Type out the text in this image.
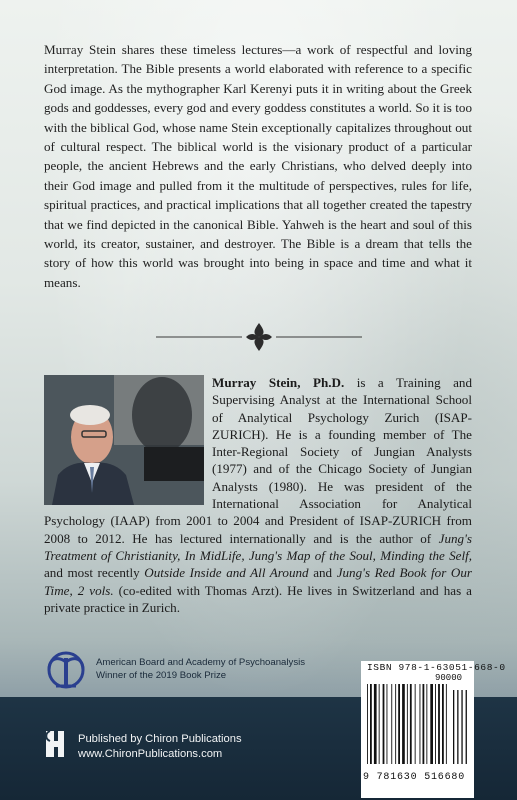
Murray Stein shares these timeless lectures—a work of respectful and loving interpretation. The Bible presents a world elaborated with reference to a specific God image. As the mythographer Karl Kerenyi puts it in writing about the Greek gods and goddesses, every god and every goddess constitutes a world. So it is too with the biblical God, whose name Stein exceptionally capitalizes throughout out of cultural respect. The biblical world is the visionary product of a particular people, the ancient Hebrews and the early Christians, who delved deeply into their God image and pulled from it the multitude of perspectives, rules for life, spiritual practices, and practical implications that all together created the tapestry that we find depicted in the canonical Bible. Yahweh is the heart and soul of this world, its creator, sustainer, and destroyer. The Bible is a dream that tells the story of how this world was brought into being in space and time and what it means.

Murray Stein, Ph.D. is a Training and Supervising Analyst at the International School of Analytical Psychology Zurich (ISAP-ZURICH). He is a founding member of The Inter-Regional Society of Jungian Analysts (1977) and of the Chicago Society of Jungian Analysts (1980). He was president of the International Association for Analytical Psychology (IAAP) from 2001 to 2004 and President of ISAP-ZURICH from 2008 to 2012. He has lectured internationally and is the author of Jung's Treatment of Christianity, In MidLife, Jung's Map of the Soul, Minding the Self, and most recently Outside Inside and All Around and Jung's Red Book for Our Time, 2 vols. (co-edited with Thomas Arzt). He lives in Switzerland and has a private practice in Zurich.

American Board and Academy of Psychoanalysis
Winner of the 2019 Book Prize
Published by Chiron Publications
www.ChironPublications.com
ISBN 978-1-63051-668-0
90000
9 781630 516680
